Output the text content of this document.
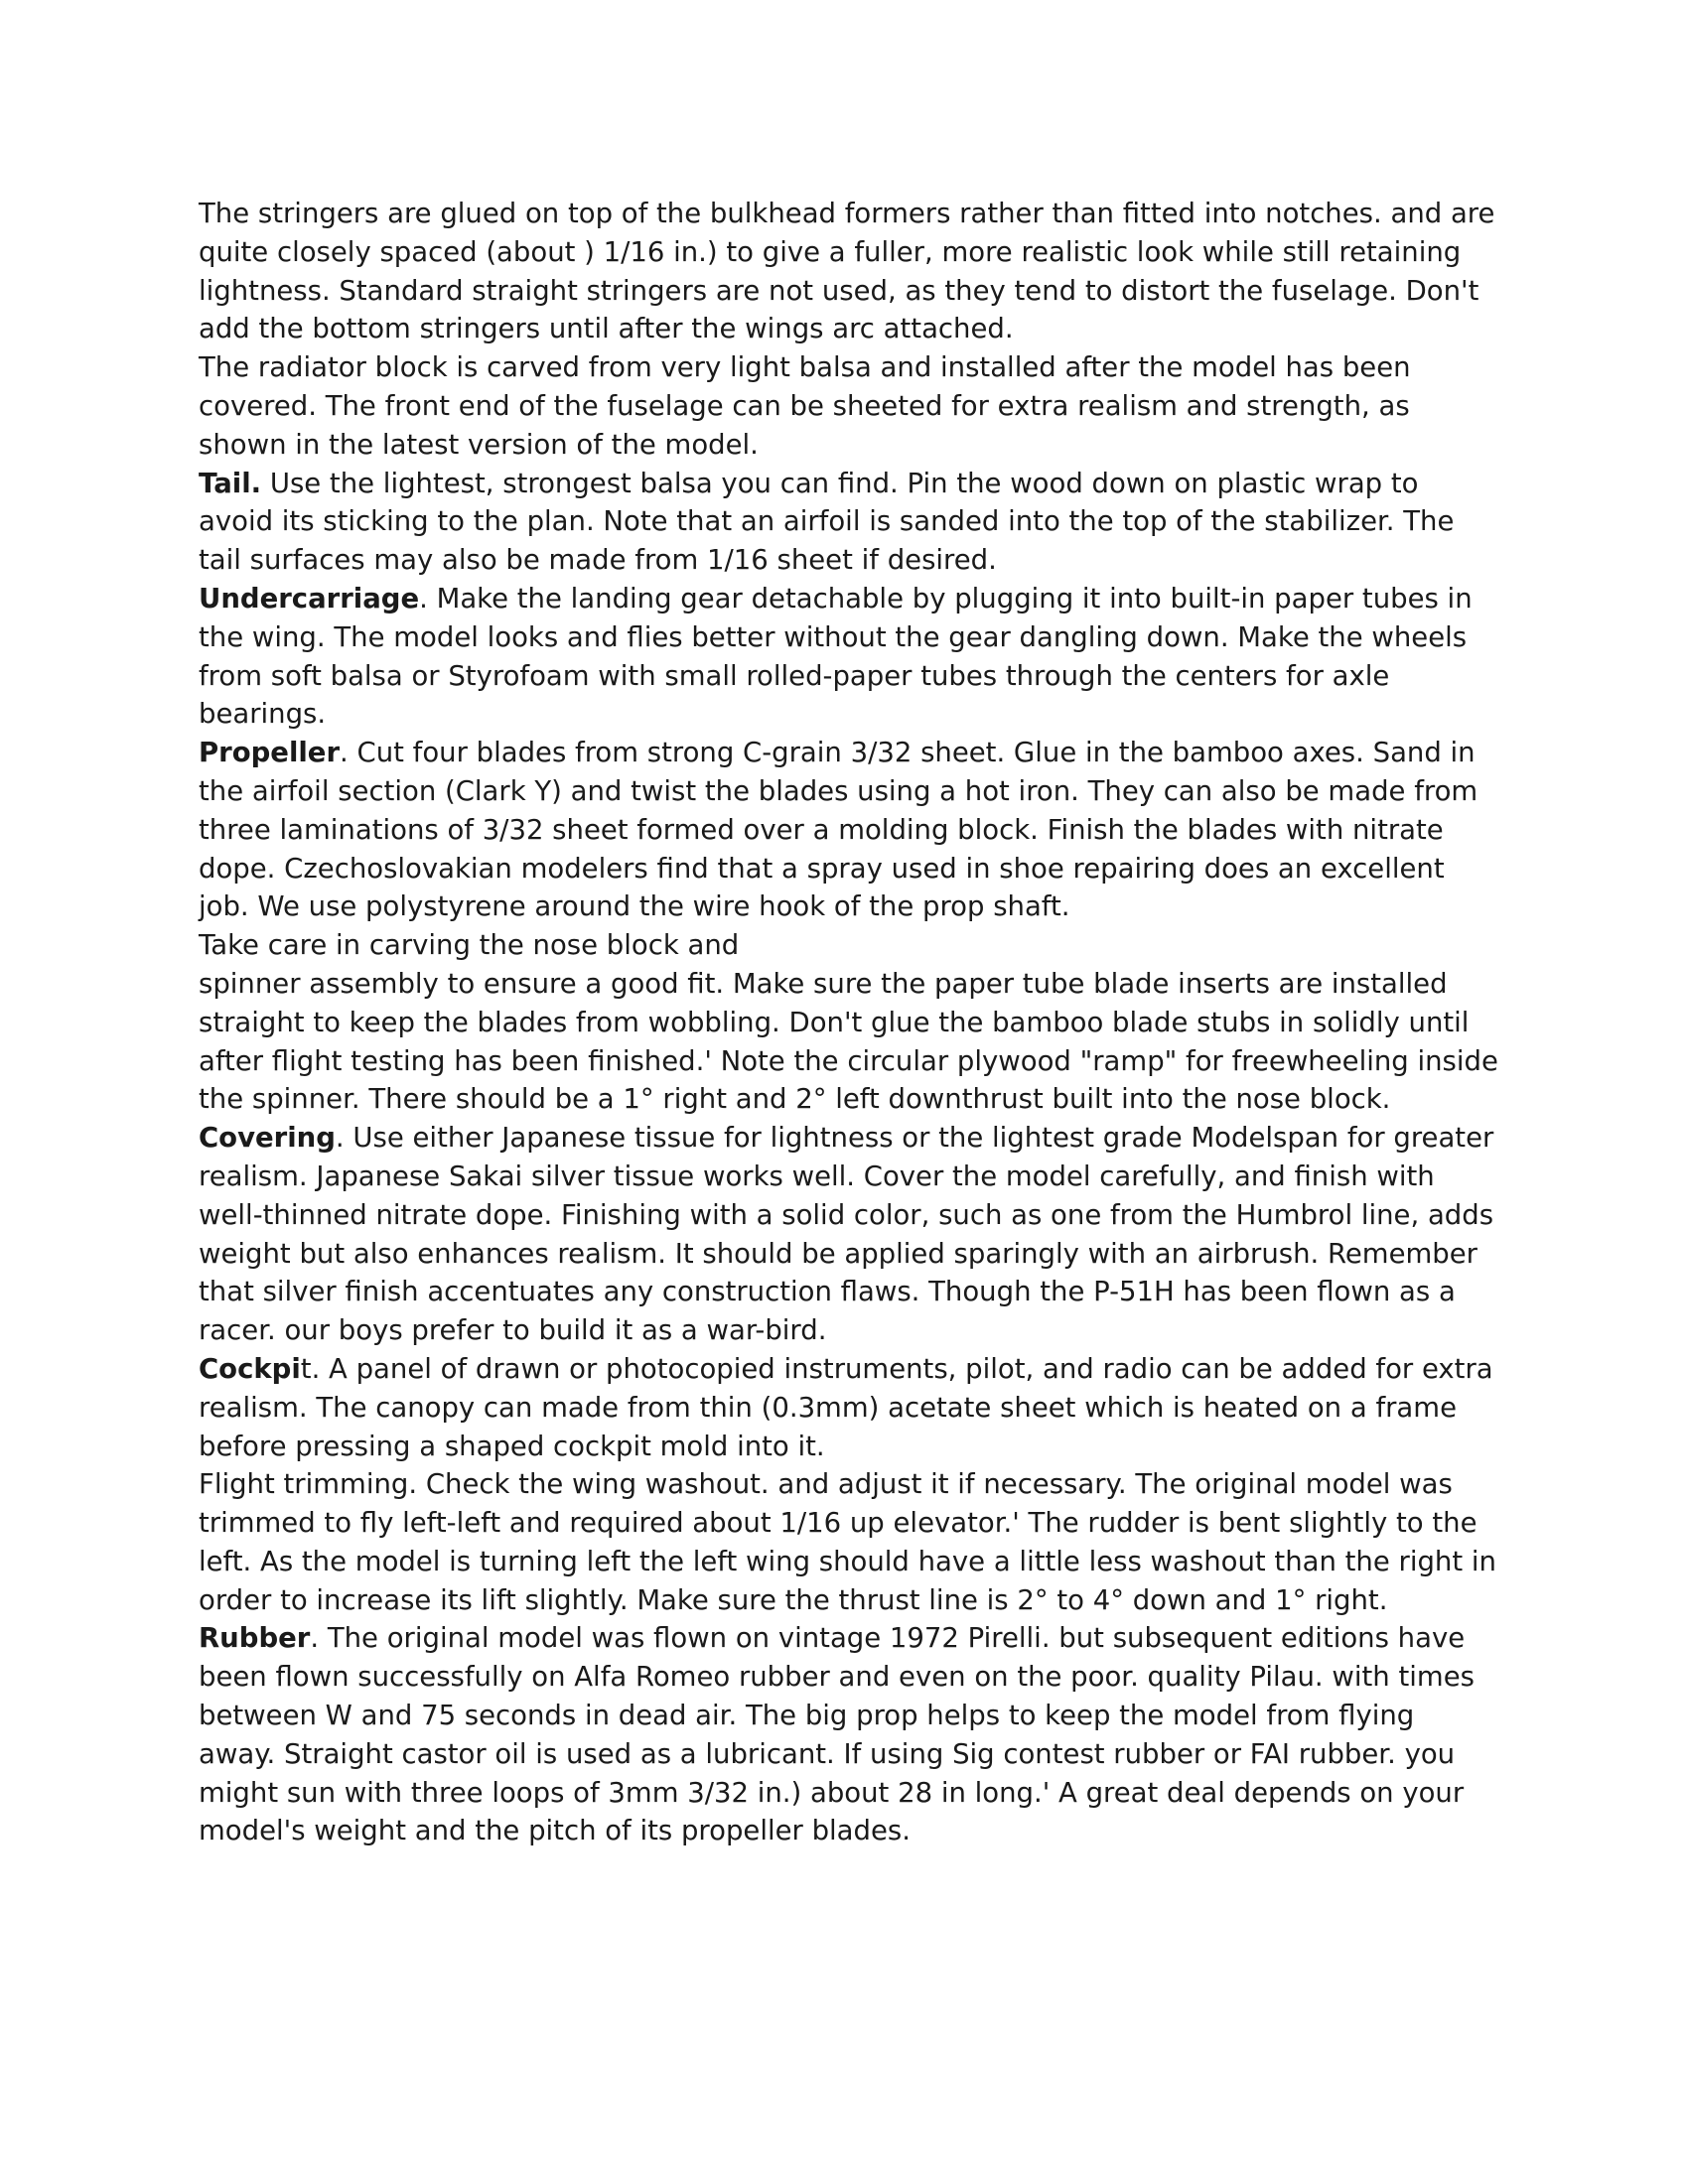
The stringers are glued on top of the bulkhead formers rather than fitted into notches. and are quite closely spaced (about ) 1/16 in.) to give a fuller, more realistic look while still retaining lightness. Standard straight stringers are not used, as they tend to distort the fuselage. Don't add the bottom stringers until after the wings arc attached.

The radiator block is carved from very light balsa and installed after the model has been covered. The front end of the fuselage can be sheeted for extra realism and strength, as shown in the latest version of the model.

Tail. Use the lightest, strongest balsa you can find. Pin the wood down on plastic wrap to avoid its sticking to the plan. Note that an airfoil is sanded into the top of the stabilizer. The tail surfaces may also be made from 1/16 sheet if desired.

Undercarriage. Make the landing gear detachable by plugging it into built-in paper tubes in the wing. The model looks and flies better without the gear dangling down. Make the wheels from soft balsa or Styrofoam with small rolled-paper tubes through the centers for axle bearings.

Propeller. Cut four blades from strong C-grain 3/32 sheet. Glue in the bamboo axes. Sand in the airfoil section (Clark Y) and twist the blades using a hot iron. They can also be made from three laminations of 3/32 sheet formed over a molding block. Finish the blades with nitrate dope. Czechoslovakian modelers find that a spray used in shoe repairing does an excellent job. We use polystyrene around the wire hook of the prop shaft.

Take care in carving the nose block and

spinner assembly to ensure a good fit. Make sure the paper tube blade inserts are installed straight to keep the blades from wobbling. Don't glue the bamboo blade stubs in solidly until after flight testing has been finished.' Note the circular plywood "ramp" for freewheeling inside the spinner. There should be a 1° right and 2° left downthrust built into the nose block.

Covering. Use either Japanese tissue for lightness or the lightest grade Modelspan for greater realism. Japanese Sakai silver tissue works well. Cover the model carefully, and finish with well-thinned nitrate dope. Finishing with a solid color, such as one from the Humbrol line, adds weight but also enhances realism. It should be applied sparingly with an airbrush. Remember that silver finish accentuates any construction flaws. Though the P-51H has been flown as a racer. our boys prefer to build it as a war-bird.

Cockpit. A panel of drawn or photocopied instruments, pilot, and radio can be added for extra realism. The canopy can made from thin (0.3mm) acetate sheet which is heated on a frame before pressing a shaped cockpit mold into it.

Flight trimming. Check the wing washout. and adjust it if necessary. The original model was trimmed to fly left-left and required about 1/16 up elevator.' The rudder is bent slightly to the left. As the model is turning left the left wing should have a little less washout than the right in order to increase its lift slightly. Make sure the thrust line is 2° to 4° down and 1° right.

Rubber. The original model was flown on vintage 1972 Pirelli. but subsequent editions have been flown successfully on Alfa Romeo rubber and even on the poor. quality Pilau. with times between W and 75 seconds in dead air. The big prop helps to keep the model from flying away. Straight castor oil is used as a lubricant. If using Sig contest rubber or FAI rubber. you might sun with three loops of 3mm 3/32 in.) about 28 in long.' A great deal depends on your model's weight and the pitch of its propeller blades.
